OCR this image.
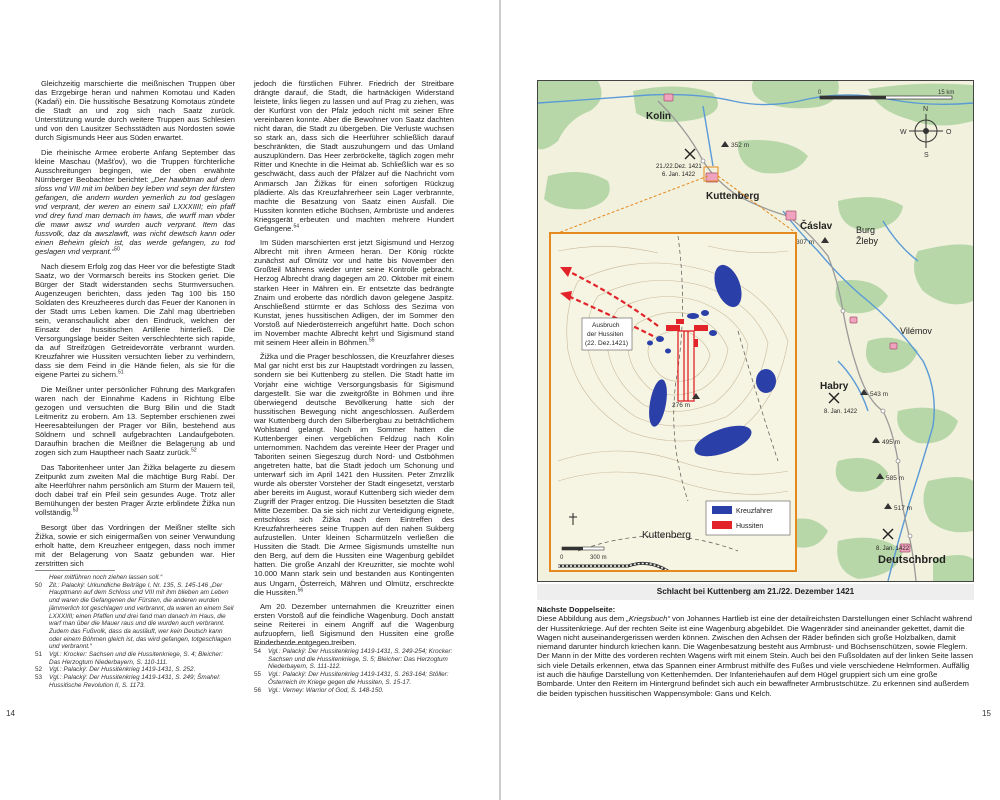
Gleichzeitig marschierte die meißnischen Truppen über das Erzgebirge heran und nahmen Komotau und Kaden (Kadaň) ein. Die hussitische Besatzung Komotaus zündete die Stadt an und zog sich nach Saatz zurück. Unterstützung wurde durch weitere Truppen aus Schlesien und von den Lausitzer Sechsstädten aus Nordosten sowie durch Sigismunds Heer aus Süden erwartet.

Die rheinische Armee eroberte Anfang September das kleine Maschau (Mašťov), wo die Truppen fürchterliche Ausschreitungen begingen, wie der oben erwähnte Nürnberger Beobachter berichtet: „Der hawbtman auf dem sloss vnd VIII mit im beliben bey leben vnd seyn der fürsten gefangen, die andern wurden yemerlich zu tod geslagen vnd verprant, der weren an einem sail LXXXIIII; ein pfaff vnd drey fund man dernach im haws, die wurff man vbder die mawr awsz vnd wurden auch verprant. Item das fussvolk, daz da awszlawft, was nicht dewtsch kann oder einen Beheim gleich ist, das werde gefangen, zu tod geslagen vnd verprant.“$^{50}$

Nach diesem Erfolg zog das Heer vor die befestigte Stadt Saatz, wo der Vormarsch bereits ins Stocken geriet. Die Bürger der Stadt widerstanden sechs Sturmversuchen. Augenzeugen berichten, dass jeden Tag 100 bis 150 Soldaten des Kreuzheeres durch das Feuer der Kanonen in der Stadt ums Leben kamen. Die Zahl mag übertrieben sein, veranschaulicht aber den Eindruck, welchen der Einsatz der hussitischen Artillerie hinterließ. Die Versorgungslage beider Seiten verschlechterte sich rapide, da auf Streifzügen Getreidevorräte verbrannt wurden. Kreuzfahrer wie Hussiten versuchten lieber zu verhindern, dass sie dem Feind in die Hände fielen, als sie für die eigene Partei zu sichern.$^{51}$

Die Meißner unter persönlicher Führung des Markgrafen waren nach der Einnahme Kadens in Richtung Elbe gezogen und versuchten die Burg Bilin und die Stadt Leitmeritz zu erobern. Am 13. September erschienen zwei Heeresabteilungen der Prager vor Bilin, bestehend aus Söldnern und schnell aufgebrachten Landaufgeboten. Daraufhin brachen die Meißner die Belagerung ab und zogen sich zum Hauptheer nach Saatz zurück.$^{52}$

Das Taboritenheer unter Jan Žižka belagerte zu diesem Zeitpunkt zum zweiten Mal die mächtige Burg Rabí. Der alte Heerführer nahm persönlich am Sturm der Mauern teil, doch dabei traf ein Pfeil sein gesundes Auge. Trotz aller Bemühungen der besten Prager Ärzte erblindete Žižka nun vollständig.$^{53}$

Besorgt über das Vordringen der Meißner stellte sich Žižka, sowie er sich einigermaßen von seiner Verwundung erholt hatte, dem Kreuzheer entgegen, dass noch immer mit der Belagerung von Saatz gebunden war. Hier zerstritten sich

jedoch die fürstlichen Führer. Friedrich der Streitbare drängte darauf, die Stadt, die hartnäckigen Widerstand leistete, links liegen zu lassen und auf Prag zu ziehen, was der Kurfürst von der Pfalz jedoch nicht mit seiner Ehre vereinbaren konnte. Aber die Bewohner von Saatz dachten nicht daran, die Stadt zu übergeben. Die Verluste wuchsen so stark an, dass sich die Heerführer schließlich darauf beschränkten, die Stadt auszuhungern und das Umland auszuplündern. Das Heer zerbröckelte, täglich zogen mehr Ritter und Knechte in die Heimat ab. Schließlich war es so geschwächt, dass auch der Pfälzer auf die Nachricht vom Anmarsch Jan Žižkas für einen sofortigen Rückzug plädierte. Als das Kreuzfahrerheer sein Lager verbrannte, machte die Besatzung von Saatz einen Ausfall. Die Hussiten konnten etliche Büchsen, Armbrüste und anderes Kriegsgerät erbeuten und machten mehrere Hundert Gefangene.$^{54}$

Im Süden marschierten erst jetzt Sigismund und Herzog Albrecht mit ihren Armeen heran. Der König rückte zunächst auf Olmütz vor und hatte bis November den Großteil Mährens wieder unter seine Kontrolle gebracht. Herzog Albrecht drang dagegen am 20. Oktober mit einem starken Heer in Mähren ein. Er entsetzte das bedrängte Znaim und eroberte das nördlich davon gelegene Jaspitz. Anschließend stürmte er das Schloss des Sezima von Kunstat, jenes hussitischen Adligen, der im Sommer den Vorstoß auf Niederösterreich angeführt hatte. Doch schon im November machte Albrecht kehrt und Sigismund stand mit seinem Heer allein in Böhmen.$^{55}$

Žižka und die Prager beschlossen, die Kreuzfahrer dieses Mal gar nicht erst bis zur Hauptstadt vordringen zu lassen, sondern sie bei Kuttenberg zu stellen. Die Stadt hatte im Vorjahr eine wichtige Versorgungsbasis für Sigismund dargestellt. Sie war die zweitgrößte in Böhmen und ihre überwiegend deutsche Bevölkerung hatte sich der hussitischen Bewegung nicht angeschlossen. Außerdem war Kuttenberg durch den Silberbergbau zu beträchtlichem Wohlstand gelangt. Noch im Sommer hatten die Kuttenberger einen vergeblichen Feldzug nach Kolin unternommen. Nachdem das vereinte Heer der Prager und Taboriten seinen Siegeszug durch Nord- und Ostböhmen angetreten hatte, bat die Stadt jedoch um Schonung und unterwarf sich im April 1421 den Hussiten. Peter Zmrzlík wurde als oberster Vorsteher der Stadt eingesetzt, verstarb aber bereits im August, worauf Kuttenberg sich wieder dem Zugriff der Prager entzog. Die Hussiten besetzten die Stadt Mitte Dezember. Da sie sich nicht zur Verteidigung eignete, entschloss sich Žižka nach dem Eintreffen des Kreuzfahrerheeres seine Truppen auf den nahen Sukberg aufzustellen. Unter kleinen Scharmützeln verließen die Hussiten die Stadt. Die Armee Sigismunds umstellte nun den Berg, auf dem die Hussiten eine Wagenburg gebildet hatten. Die große Anzahl der Kreuzritter, sie mochte wohl 10.000 Mann stark sein und bestanden aus Kontingenten aus Ungarn, Österreich, Mähren und Olmütz, erschreckte die Hussiten.$^{56}$

Am 20. Dezember unternahmen die Kreuzritter einen ersten Vorstoß auf die feindliche Wagenburg. Doch anstatt seine Reiterei in einem Angriff auf die Wagenburg aufzuopfern, ließ Sigismund den Hussiten eine große Rinderherde entgegen treiben.

Heer mitführen noch ziehen lassen soll.“
50	Zit.: Palacký: Urkundliche Beiträge I, Nr. 135, S. 145-146 „Der Hauptmann auf dem Schloss und VIII mit ihm blieben am Leben und waren die Gefangenen der Fürsten, die anderen wurden jämmerlich tot geschlagen und verbrannt, da waren an einem Seil LXXXIIII; einen Pfaffen und drei fand man danach im Haus, die warf man über die Mauer raus und die wurden auch verbrannt. Zudem das Fußvolk, dass da ausläuft, wer kein Deutsch kann oder einem Böhmen gleich ist, das wird gefangen, totgeschlagen und verbrannt.“
51	Vgl.: Krocker: Sachsen und die Hussitenkriege, S. 4; Bleicher: Das Herzogtum Niederbayern, S. 110-111.
52	Vgl.: Palacký: Der Hussitenkrieg 1419-1431, S. 252.
53	Vgl.: Palacký: Der Hussitenkrieg 1419-1431, S. 249; Šmahel: Hussitische Revolution II, S. 1173.
54	Vgl.: Palacký: Der Hussitenkrieg 1419-1431, S. 249-254; Krocker: Sachsen und die Hussitenkriege, S. 5; Bleicher: Das Herzogtum Niederbayern, S. 111-112.
55	Vgl.: Palacký: Der Hussitenkrieg 1419-1431, S. 263-164; Stöller: Österreich im Kriege gegen die Hussiten, S. 15-17.
56	Vgl.: Verney: Warrior of God, S. 148-150.
14	15
0	15 km
N
S
W	O
Kolin
Kuttenberg
Čáslav	Burg
Žleby
Vilémov
Habry
Deutschbrod
21./22.Dez. 1421
6. Jan. 1422
8. Jan. 1422
8. Jan. 1422
352 m
307 m
543 m
495 m
585 m
517 m
Ausbruch
der Hussiten
(22. Dez.1421)
276 m
Kuttenberg
Kreuzfahrer
Hussiten
0	300 m
Schlacht bei Kuttenberg am 21./22. Dezember 1421
Nächste Doppelseite:
Diese Abbildung aus dem „Kriegsbuch“ von Johannes Hartlieb ist eine der detailreichsten Darstellungen einer Schlacht während der Hussitenkriege. Auf der rechten Seite ist eine Wagenburg abgebildet. Die Wagenräder sind aneinander gekettet, damit die Wagen nicht auseinandergerissen werden können. Zwischen den Achsen der Räder befinden sich große Holzbalken, damit niemand darunter hindurch kriechen kann. Die Wagenbesatzung besteht aus Armbrust- und Büchsenschützen, sowie Fleglern. Der Mann in der Mitte des vorderen rechten Wagens wirft mit einem Stein. Auch bei den Fußsoldaten auf der linken Seite lassen sich viele Details erkennen, etwa das Spannen einer Armbrust mithilfe des Fußes und viele verschiedene Helmformen. Auffällig ist auch die häufige Darstellung von Kettenhemden. Der Infanteriehaufen auf dem Hügel gruppiert sich um eine große Bombarde. Unter den Reitern im Hintergrund befindet sich auch ein bewaffneter Armbrustschütze. Zu erkennen sind außerdem die beiden typischen hussitischen Wappensymbole: Gans und Kelch.
